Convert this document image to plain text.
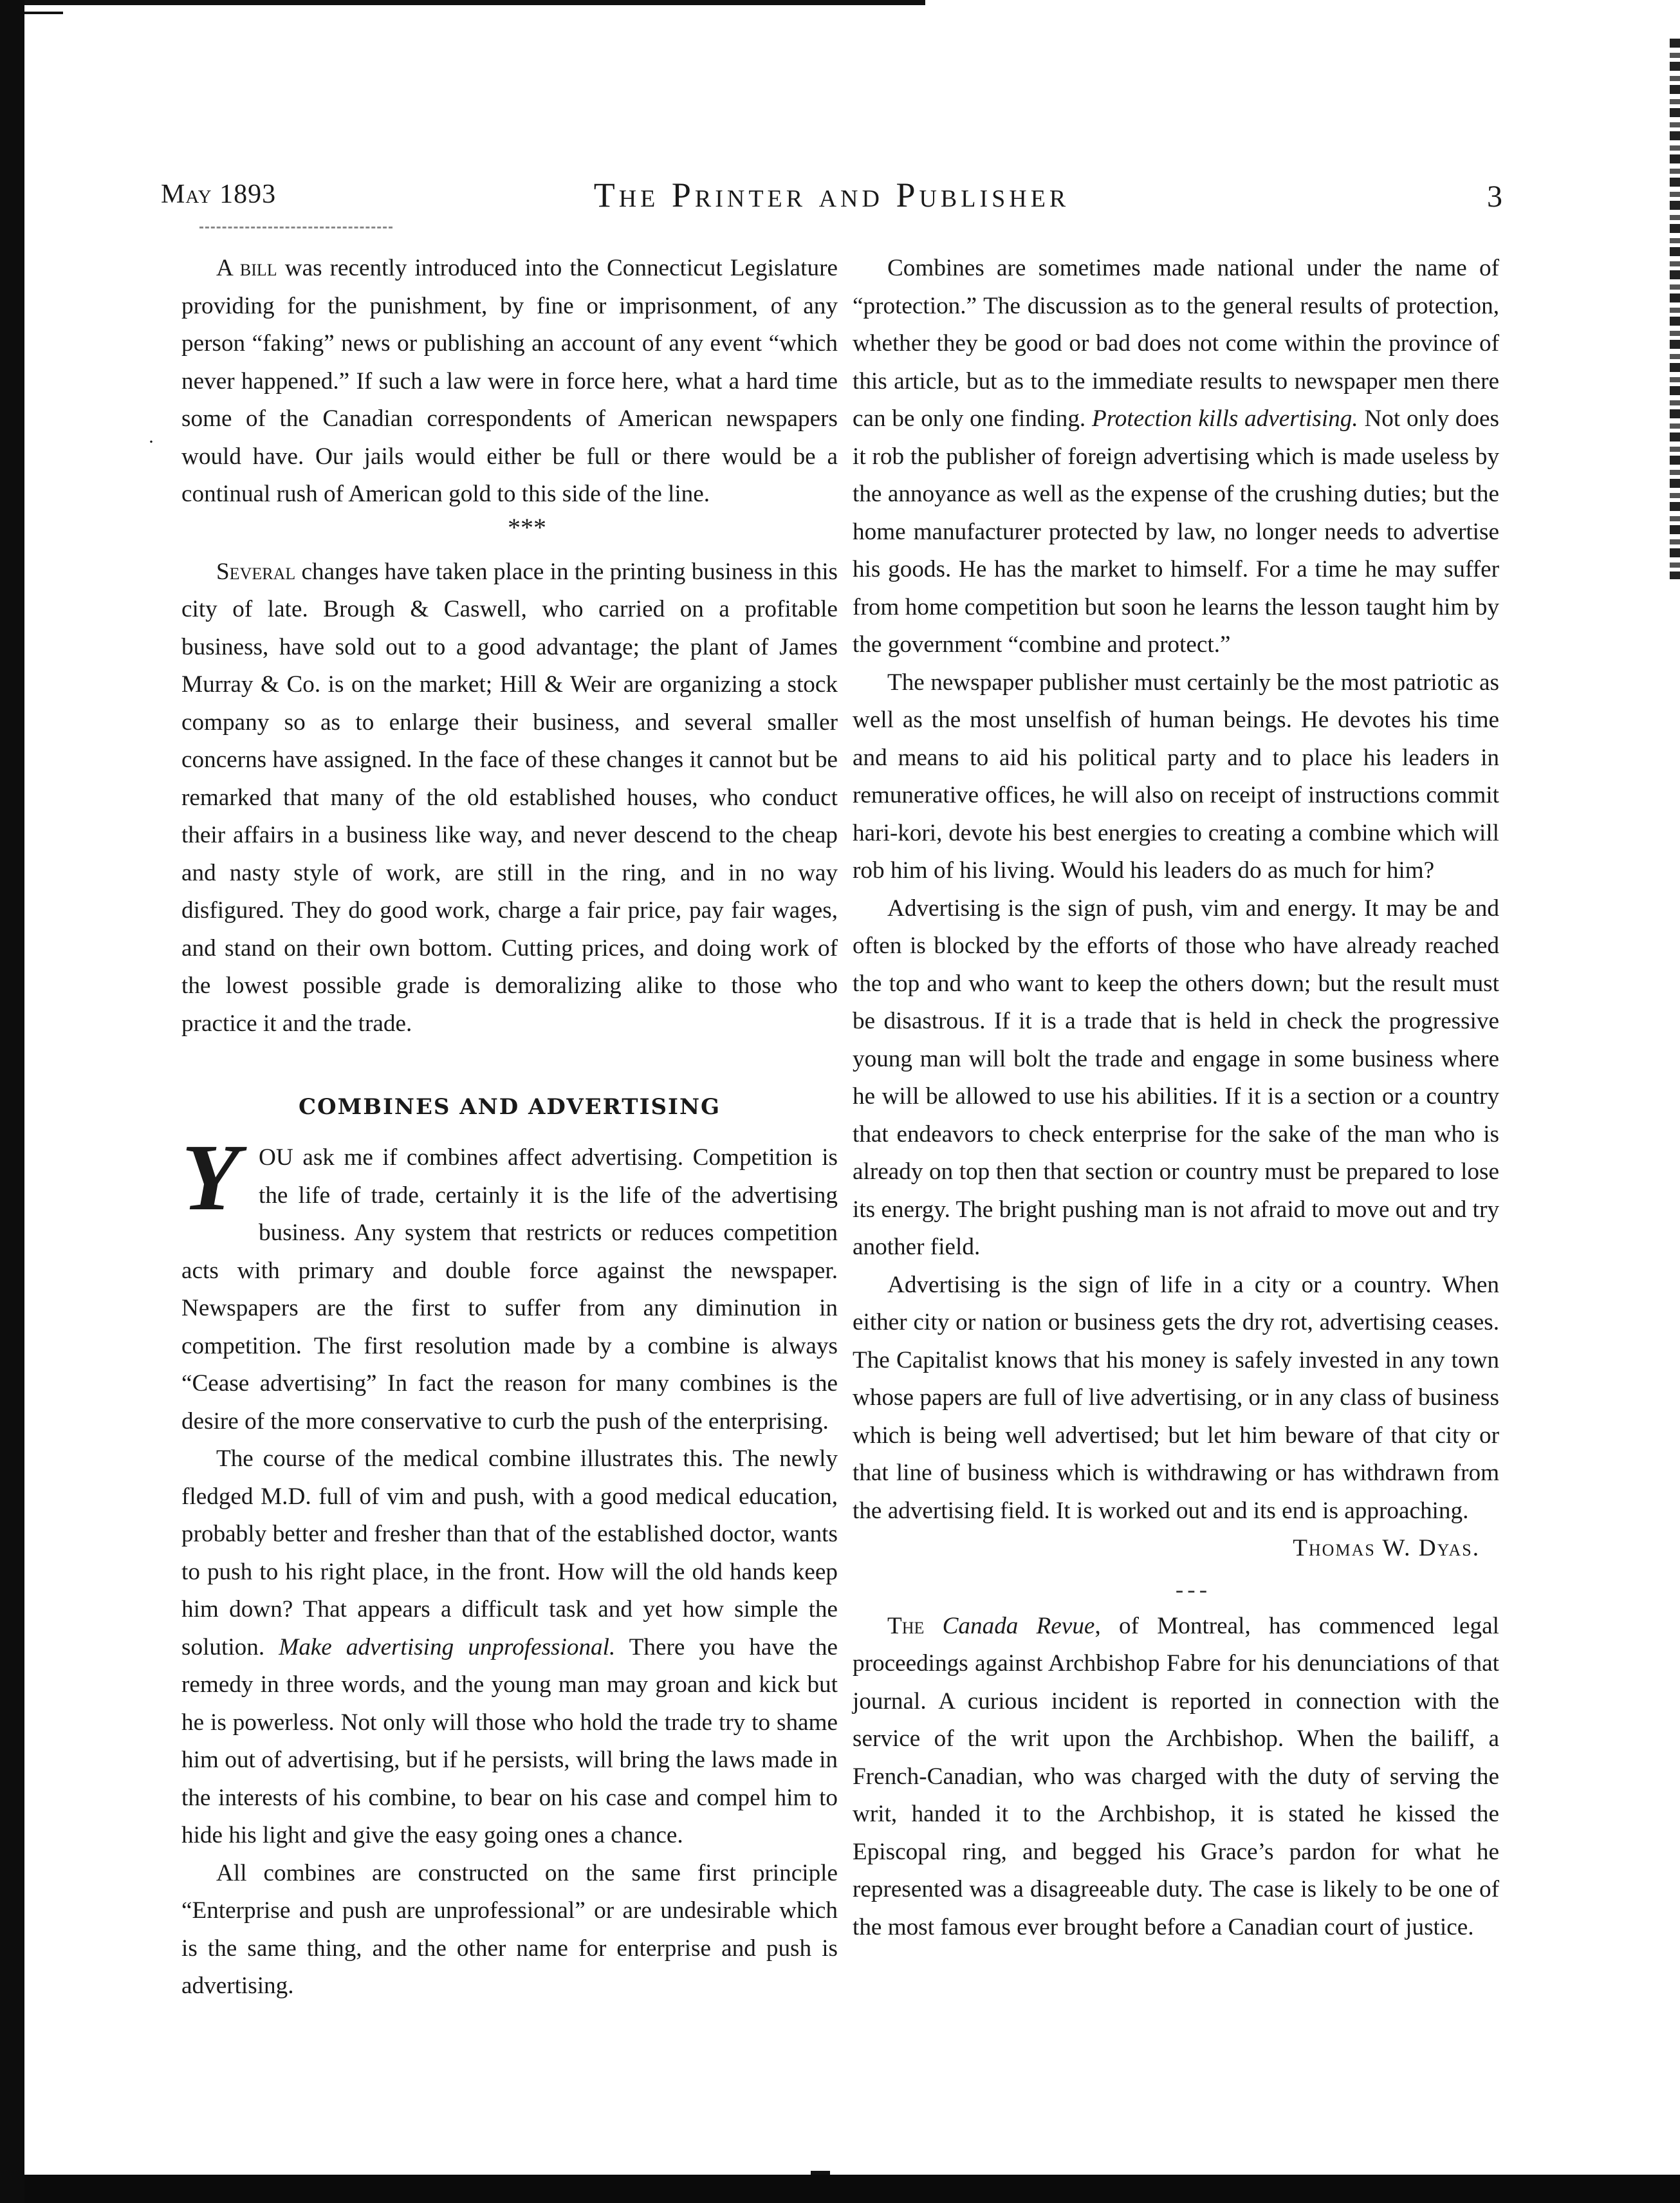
May 1893	The Printer and Publisher	3
·

A bill was recently introduced into the Connecticut Legislature providing for the punishment, by fine or imprisonment, of any person “faking” news or publishing an account of any event “which never happened.” If such a law were in force here, what a hard time some of the Canadian correspondents of American newspapers would have. Our jails would either be full or there would be a continual rush of American gold to this side of the line.

***

Several changes have taken place in the printing business in this city of late. Brough & Caswell, who carried on a profitable business, have sold out to a good advantage; the plant of James Murray & Co. is on the market; Hill & Weir are organizing a stock company so as to enlarge their business, and several smaller concerns have assigned. In the face of these changes it cannot but be remarked that many of the old established houses, who conduct their affairs in a business like way, and never descend to the cheap and nasty style of work, are still in the ring, and in no way disfigured. They do good work, charge a fair price, pay fair wages, and stand on their own bottom. Cutting prices, and doing work of the lowest possible grade is demoralizing alike to those who practice it and the trade.

COMBINES AND ADVERTISING

YOU ask me if combines affect advertising. Competition is the life of trade, certainly it is the life of the advertising business. Any system that restricts or reduces competition acts with primary and double force against the newspaper. Newspapers are the first to suffer from any diminution in competition. The first resolution made by a combine is always “Cease advertising” In fact the reason for many combines is the desire of the more conservative to curb the push of the enterprising.

The course of the medical combine illustrates this. The newly fledged M.D. full of vim and push, with a good medical education, probably better and fresher than that of the established doctor, wants to push to his right place, in the front. How will the old hands keep him down? That appears a difficult task and yet how simple the solution. Make advertising unprofessional. There you have the remedy in three words, and the young man may groan and kick but he is powerless. Not only will those who hold the trade try to shame him out of advertising, but if he persists, will bring the laws made in the interests of his combine, to bear on his case and compel him to hide his light and give the easy going ones a chance.

All combines are constructed on the same first principle “Enterprise and push are unprofessional” or are undesirable which is the same thing, and the other name for enterprise and push is advertising.

Combines are sometimes made national under the name of “protection.” The discussion as to the general results of protection, whether they be good or bad does not come within the province of this article, but as to the immediate results to newspaper men there can be only one finding. Protection kills advertising. Not only does it rob the publisher of foreign advertising which is made useless by the annoyance as well as the expense of the crushing duties; but the home manufacturer protected by law, no longer needs to advertise his goods. He has the market to himself. For a time he may suffer from home competition but soon he learns the lesson taught him by the government “combine and protect.”

The newspaper publisher must certainly be the most patriotic as well as the most unselfish of human beings. He devotes his time and means to aid his political party and to place his leaders in remunerative offices, he will also on receipt of instructions commit hari-kori, devote his best energies to creating a combine which will rob him of his living. Would his leaders do as much for him?

Advertising is the sign of push, vim and energy. It may be and often is blocked by the efforts of those who have already reached the top and who want to keep the others down; but the result must be disastrous. If it is a trade that is held in check the progressive young man will bolt the trade and engage in some business where he will be allowed to use his abilities. If it is a section or a country that endeavors to check enterprise for the sake of the man who is already on top then that section or country must be prepared to lose its energy. The bright pushing man is not afraid to move out and try another field.

Advertising is the sign of life in a city or a country. When either city or nation or business gets the dry rot, advertising ceases. The Capitalist knows that his money is safely invested in any town whose papers are full of live advertising, or in any class of business which is being well advertised; but let him beware of that city or that line of business which is withdrawing or has withdrawn from the advertising field. It is worked out and its end is approaching.

Thomas W. Dyas.

---

The Canada Revue, of Montreal, has commenced legal proceedings against Archbishop Fabre for his denunciations of that journal. A curious incident is reported in connection with the service of the writ upon the Archbishop. When the bailiff, a French-Canadian, who was charged with the duty of serving the writ, handed it to the Archbishop, it is stated he kissed the Episcopal ring, and begged his Grace’s pardon for what he represented was a disagreeable duty. The case is likely to be one of the most famous ever brought before a Canadian court of justice.
